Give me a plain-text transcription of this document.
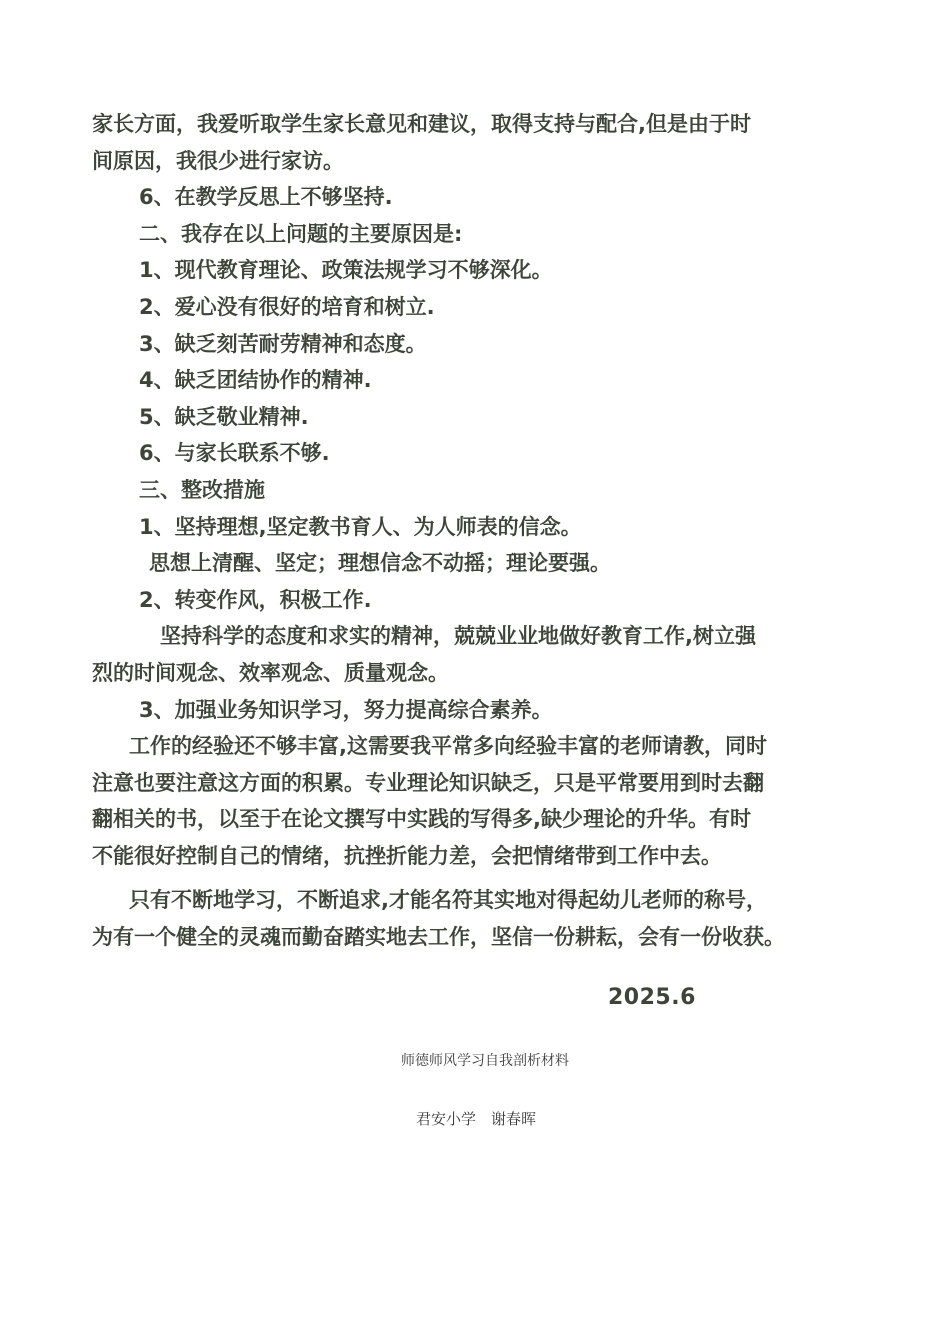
家长方面，我爱听取学生家长意见和建议，取得支持与配合,但是由于时
间原因，我很少进行家访。
6、在教学反思上不够坚持.
二、我存在以上问题的主要原因是:
1、现代教育理论、政策法规学习不够深化。
2、爱心没有很好的培育和树立.
3、缺乏刻苦耐劳精神和态度。
4、缺乏团结协作的精神.
5、缺乏敬业精神.
6、与家长联系不够.
三、整改措施
1、坚持理想,坚定教书育人、为人师表的信念。
思想上清醒、坚定；理想信念不动摇；理论要强。
2、转变作风，积极工作.
坚持科学的态度和求实的精神，兢兢业业地做好教育工作,树立强
烈的时间观念、效率观念、质量观念。
3、加强业务知识学习，努力提高综合素养。
工作的经验还不够丰富,这需要我平常多向经验丰富的老师请教，同时
注意也要注意这方面的积累。专业理论知识缺乏，只是平常要用到时去翻
翻相关的书，以至于在论文撰写中实践的写得多,缺少理论的升华。有时
不能很好控制自己的情绪，抗挫折能力差，会把情绪带到工作中去。
只有不断地学习，不断追求,才能名符其实地对得起幼儿老师的称号，
为有一个健全的灵魂而勤奋踏实地去工作，坚信一份耕耘，会有一份收获。
2025.6
师德师风学习自我剖析材料
君安小学　谢春晖
